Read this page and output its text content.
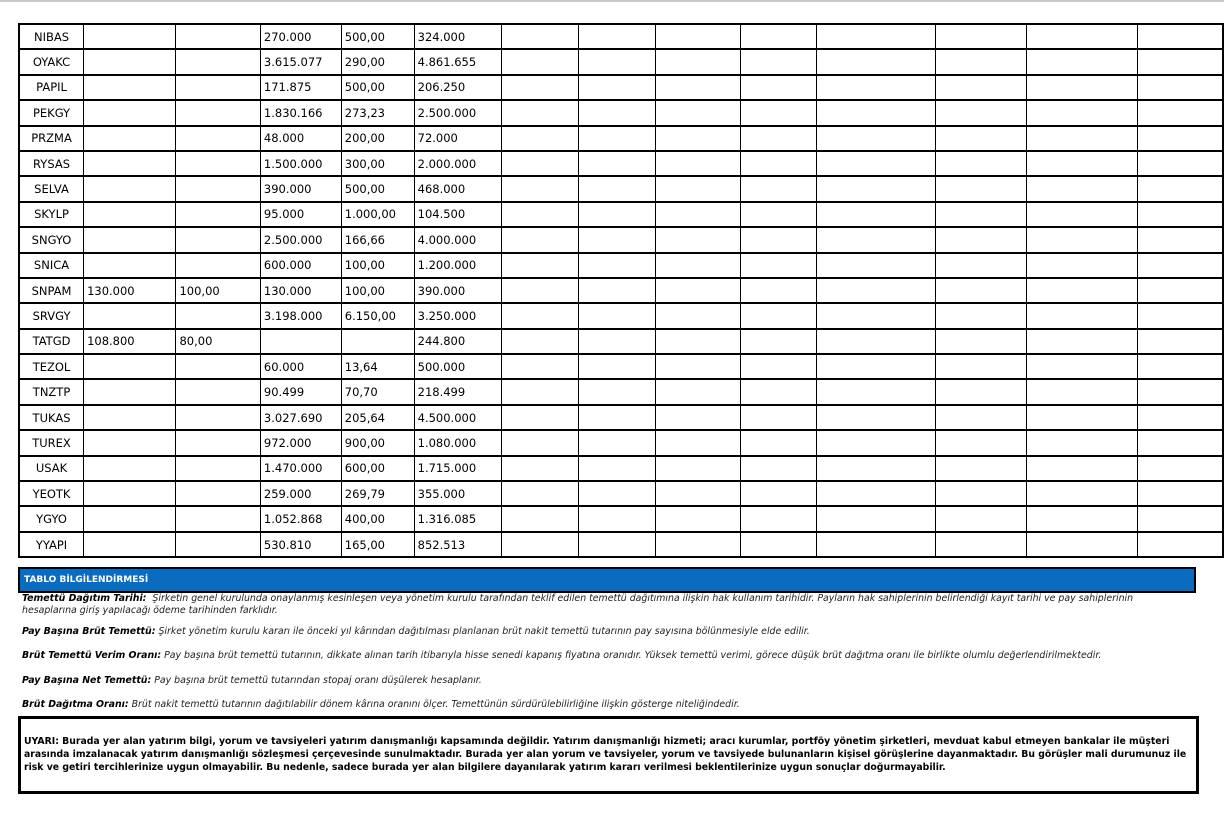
NIBAS			270.000	500,00	324.000								
OYAKC			3.615.077	290,00	4.861.655								
PAPIL			171.875	500,00	206.250								
PEKGY			1.830.166	273,23	2.500.000								
PRZMA			48.000	200,00	72.000								
RYSAS			1.500.000	300,00	2.000.000								
SELVA			390.000	500,00	468.000								
SKYLP			95.000	1.000,00	104.500								
SNGYO			2.500.000	166,66	4.000.000								
SNICA			600.000	100,00	1.200.000								
SNPAM	130.000	100,00	130.000	100,00	390.000								
SRVGY			3.198.000	6.150,00	3.250.000								
TATGD	108.800	80,00			244.800								
TEZOL			60.000	13,64	500.000								
TNZTP			90.499	70,70	218.499								
TUKAS			3.027.690	205,64	4.500.000								
TUREX			972.000	900,00	1.080.000								
USAK			1.470.000	600,00	1.715.000								
YEOTK			259.000	269,79	355.000								
YGYO			1.052.868	400,00	1.316.085								
YYAPI			530.810	165,00	852.513								
TABLO BİLGİLENDİRMESİ
Temettü Dağıtım Tarihi: Şirketin genel kurulunda onaylanmış kesinleşen veya yönetim kurulu tarafından teklif edilen temettü dağıtımına ilişkin hak kullanım tarihidir. Payların hak sahiplerinin belirlendiği kayıt tarihi ve pay sahiplerinin hesaplarına giriş yapılacağı ödeme tarihinden farklıdır.
Pay Başına Brüt Temettü: Şirket yönetim kurulu kararı ile önceki yıl kârından dağıtılması planlanan brüt nakit temettü tutarının pay sayısına bölünmesiyle elde edilir.
Brüt Temettü Verim Oranı: Pay başına brüt temettü tutarının, dikkate alınan tarih itibarıyla hisse senedi kapanış fiyatına oranıdır. Yüksek temettü verimi, görece düşük brüt dağıtma oranı ile birlikte olumlu değerlendirilmektedir.
Pay Başına Net Temettü: Pay başına brüt temettü tutarından stopaj oranı düşülerek hesaplanır.
Brüt Dağıtma Oranı: Brüt nakit temettü tutarının dağıtılabilir dönem kârına oranını ölçer. Temettünün sürdürülebilirliğine ilişkin gösterge niteliğindedir.
UYARI: Burada yer alan yatırım bilgi, yorum ve tavsiyeleri yatırım danışmanlığı kapsamında değildir. Yatırım danışmanlığı hizmeti; aracı kurumlar, portföy yönetim şirketleri, mevduat kabul etmeyen bankalar ile müşteri arasında imzalanacak yatırım danışmanlığı sözleşmesi çerçevesinde sunulmaktadır. Burada yer alan yorum ve tavsiyeler, yorum ve tavsiyede bulunanların kişisel görüşlerine dayanmaktadır. Bu görüşler mali durumunuz ile risk ve getiri tercihlerinize uygun olmayabilir. Bu nedenle, sadece burada yer alan bilgilere dayanılarak yatırım kararı verilmesi beklentilerinize uygun sonuçlar doğurmayabilir.
